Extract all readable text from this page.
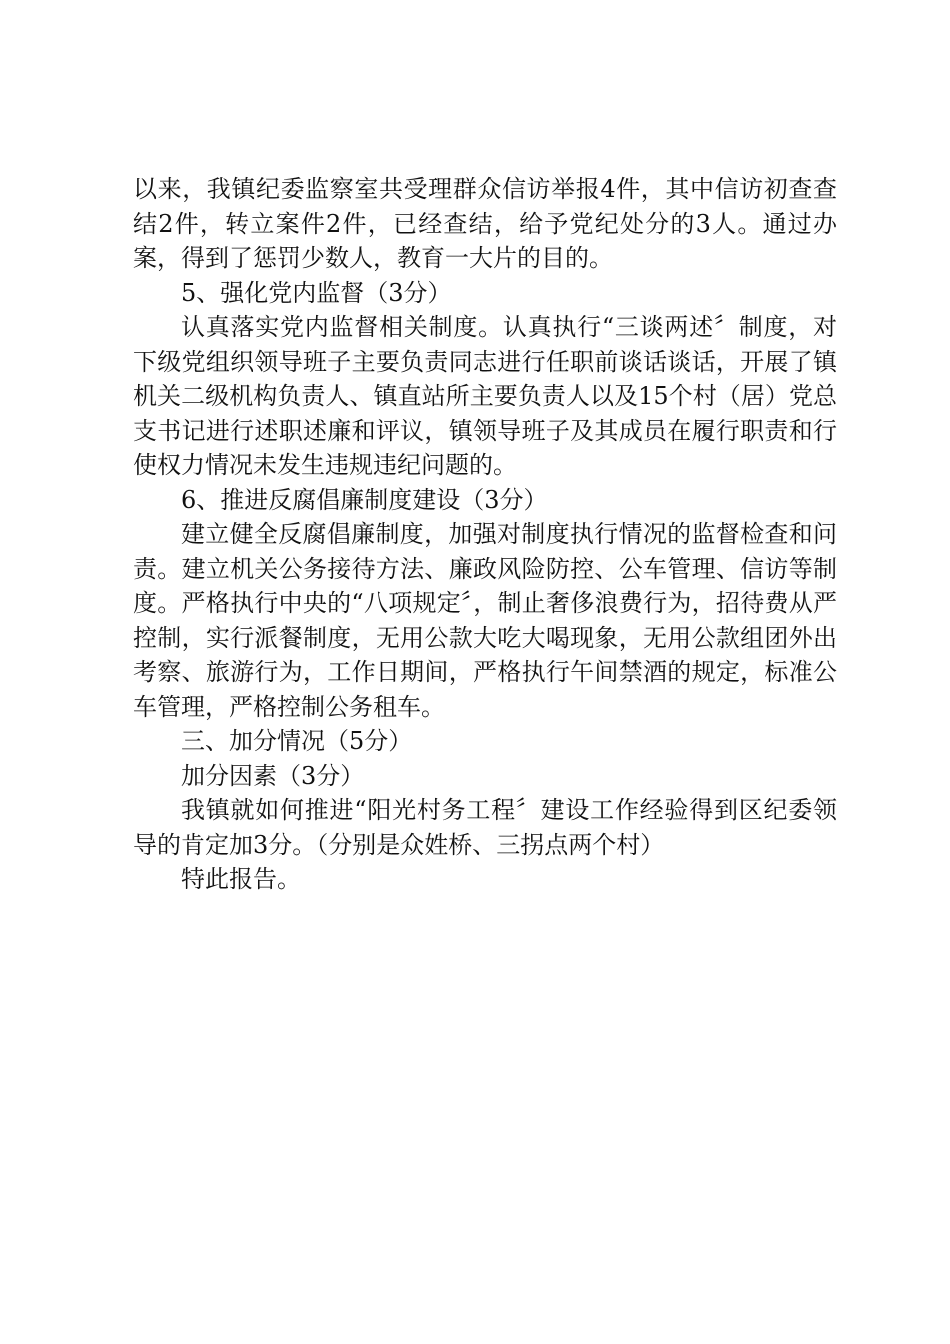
以来，我镇纪委监察室共受理群众信访举报4件，其中信访初查查结2件，转立案件2件，已经查结，给予党纪处分的3人。通过办案，得到了惩罚少数人，教育一大片的目的。

5、强化党内监督（3分）

认真落实党内监督相关制度。认真执行“三谈两述〞制度，对下级党组织领导班子主要负责同志进行任职前谈话谈话，开展了镇机关二级机构负责人、镇直站所主要负责人以及15个村（居）党总支书记进行述职述廉和评议，镇领导班子及其成员在履行职责和行使权力情况未发生违规违纪问题的。

6、推进反腐倡廉制度建设（3分）

建立健全反腐倡廉制度，加强对制度执行情况的监督检查和问责。建立机关公务接待方法、廉政风险防控、公车管理、信访等制度。严格执行中央的“八项规定〞，制止奢侈浪费行为，招待费从严控制，实行派餐制度，无用公款大吃大喝现象，无用公款组团外出考察、旅游行为，工作日期间，严格执行午间禁酒的规定，标准公车管理，严格控制公务租车。

三、加分情况（5分）

加分因素（3分）

我镇就如何推进“阳光村务工程〞建设工作经验得到区纪委领导的肯定加3分。（分别是众姓桥、三拐点两个村）

特此报告。
